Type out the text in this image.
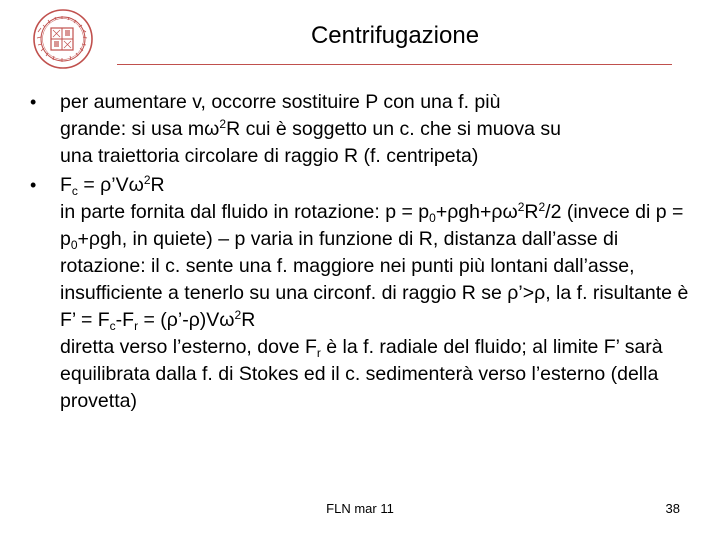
Centrifugazione
• per aumentare v, occorre sostituire P con una f. più
grande: si usa $m\omega^2R$ cui è soggetto un c. che si muova su
una traiettoria circolare di raggio R (f. centripeta)

• $F_c$ = $\rho’V\omega^2R$

in parte fornita dal fluido in rotazione: $p = p_0+\rho gh+\rho\omega^2R^2/2$ (invece di $p = p_0+\rho gh$, in quiete) – p varia in funzione di R, distanza dall’asse di rotazione: il c. sente una f. maggiore nei punti più lontani dall’asse, insufficiente a tenerlo su una circonf. di raggio R se ρ’>ρ, la f. risultante è

F’ = $F_c-F_r$ = $(\rho’-\rho)V\omega^2R$

diretta verso l’esterno, dove $F_r$ è la f. radiale del fluido; al limite F’ sarà equilibrata dalla f. di Stokes ed il c. sedimenterà verso l’esterno (della provetta)

FLN mar 11	38
